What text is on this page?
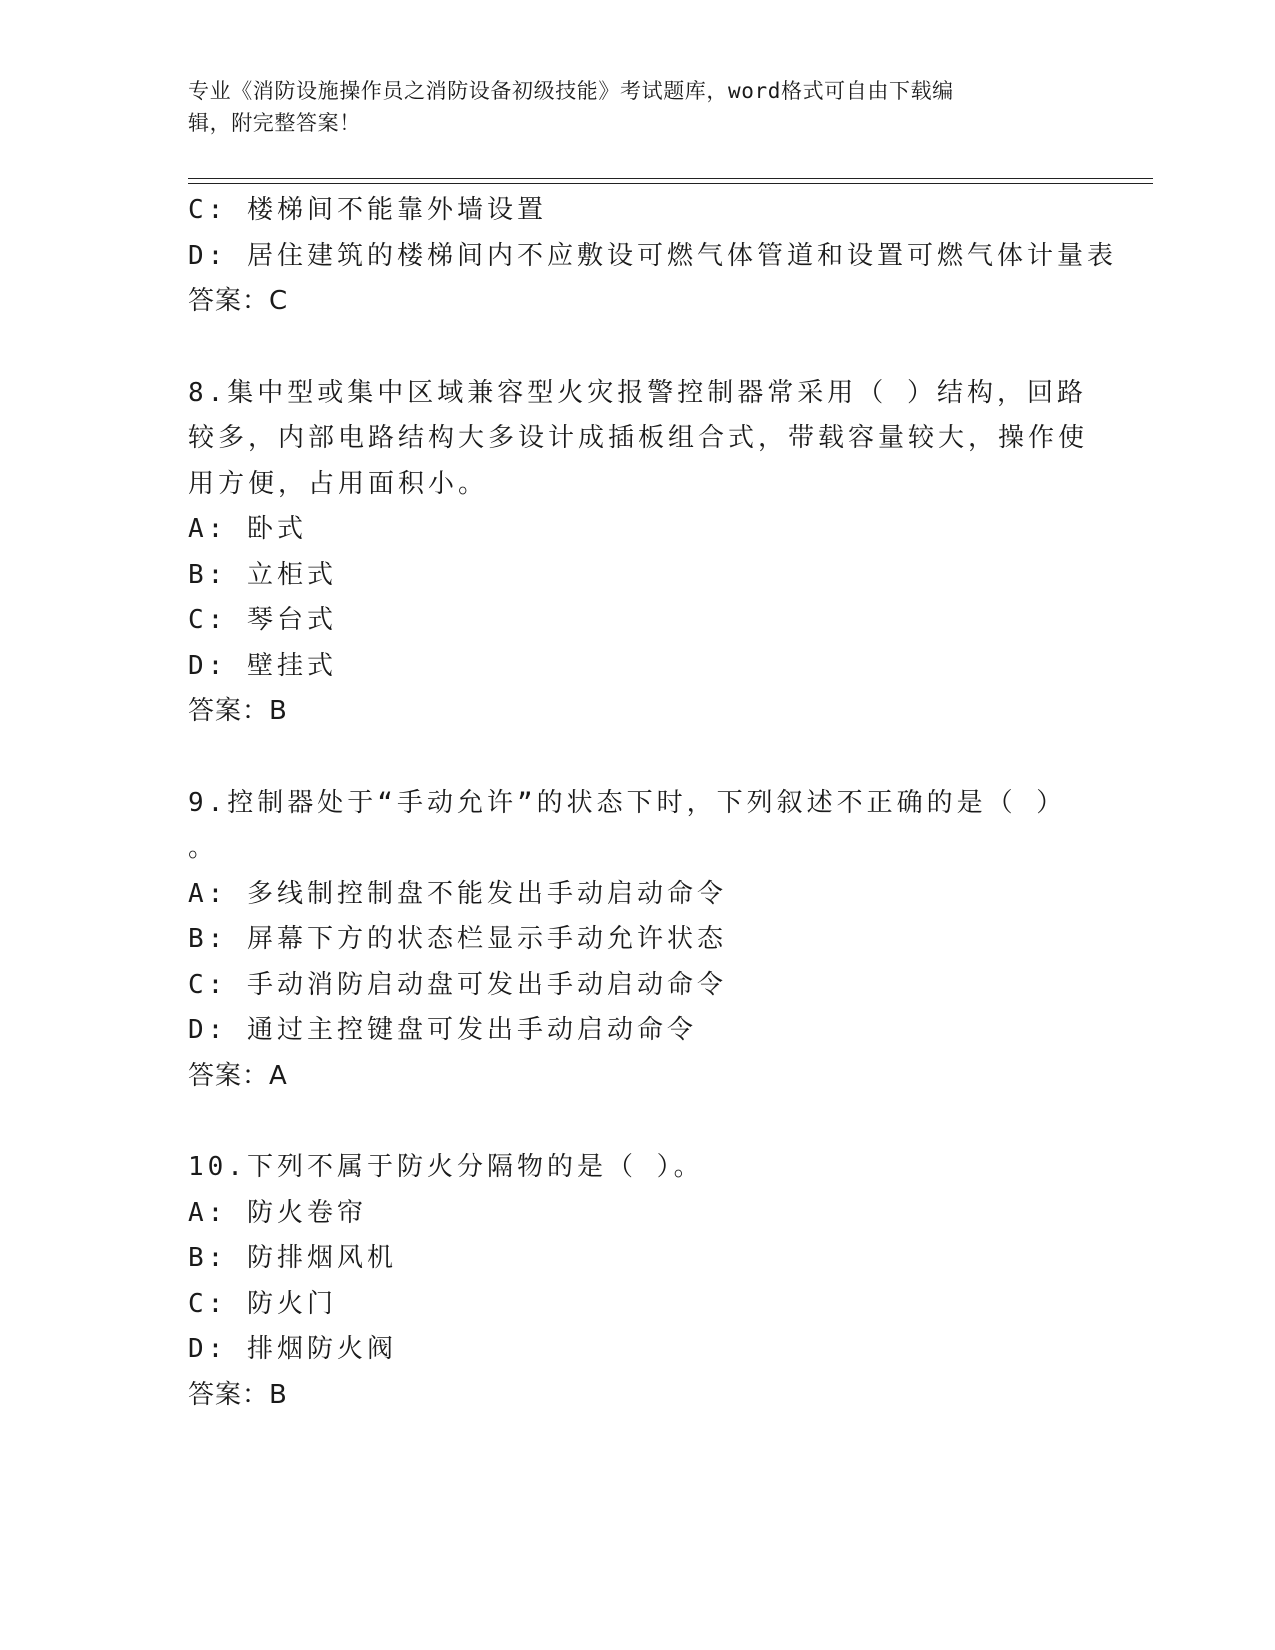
专业《消防设施操作员之消防设备初级技能》考试题库，word格式可自由下载编
辑，附完整答案！
C: 楼梯间不能靠外墙设置
D: 居住建筑的楼梯间内不应敷设可燃气体管道和设置可燃气体计量表
答案：C
8.集中型或集中区域兼容型火灾报警控制器常采用（ ）结构，回路
较多，内部电路结构大多设计成插板组合式，带载容量较大，操作使
用方便，占用面积小。
A: 卧式
B: 立柜式
C: 琴台式
D: 壁挂式
答案：B
9.控制器处于“手动允许”的状态下时，下列叙述不正确的是（ ）
。
A: 多线制控制盘不能发出手动启动命令
B: 屏幕下方的状态栏显示手动允许状态
C: 手动消防启动盘可发出手动启动命令
D: 通过主控键盘可发出手动启动命令
答案：A
10.下列不属于防火分隔物的是（ ）。
A: 防火卷帘
B: 防排烟风机
C: 防火门
D: 排烟防火阀
答案：B
